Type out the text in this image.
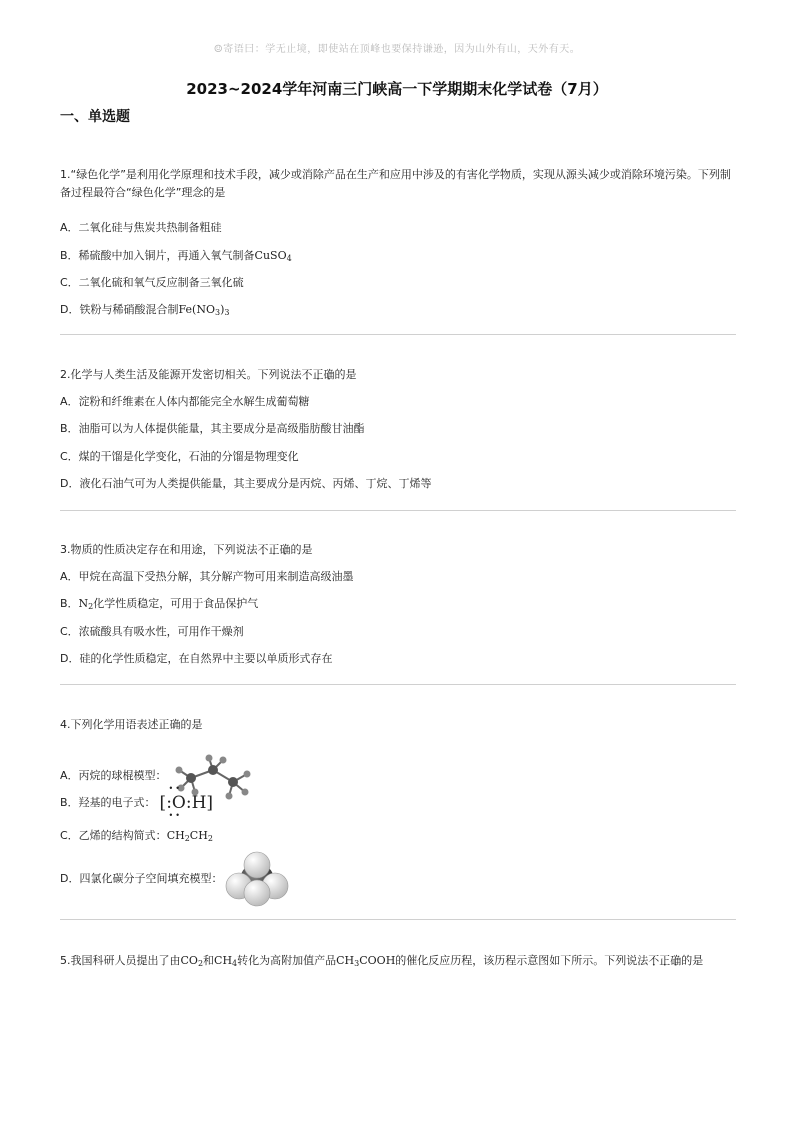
☺寄语曰：学无止境，即使站在顶峰也要保持谦逊，因为山外有山，天外有天。
2023~2024学年河南三门峡高一下学期期末化学试卷（7月）
一、单选题

1.“绿色化学”是利用化学原理和技术手段，减少或消除产品在生产和应用中涉及的有害化学物质，实现从源头减少或消除环境污染。下列制备过程最符合“绿色化学”理念的是

A．二氧化硅与焦炭共热制备粗硅
B．稀硫酸中加入铜片，再通入氧气制备 CuSO$_4$
C．二氧化硫和氧气反应制备三氧化硫
D．铁粉与稀硝酸混合制 $Fe(NO_3)_3$

2.化学与人类生活及能源开发密切相关。下列说法不正确的是

A．淀粉和纤维素在人体内都能完全水解生成葡萄糖
B．油脂可以为人体提供能量，其主要成分是高级脂肪酸甘油酯
C．煤的干馏是化学变化，石油的分馏是物理变化
D．液化石油气可为人类提供能量，其主要成分是丙烷、丙烯、丁烷、丁烯等

3.物质的性质决定存在和用途，下列说法不正确的是

A．甲烷在高温下受热分解，其分解产物可用来制造高级油墨
B． $N_2$ 化学性质稳定，可用于食品保护气
C．浓硫酸具有吸水性，可用作干燥剂
D．硅的化学性质稳定，在自然界中主要以单质形式存在

4.下列化学用语表述正确的是

A．丙烷的球棍模型：
B．羟基的电子式：
••
[:O:H]
••
C．乙烯的结构简式： $CH_2CH_2$
D．四氯化碳分子空间填充模型：

5.我国科研人员提出了由$CO_2$和$CH_4$转化为高附加值产品$CH_3COOH$的催化反应历程，该历程示意图如下所示。下列说法不正确的是
